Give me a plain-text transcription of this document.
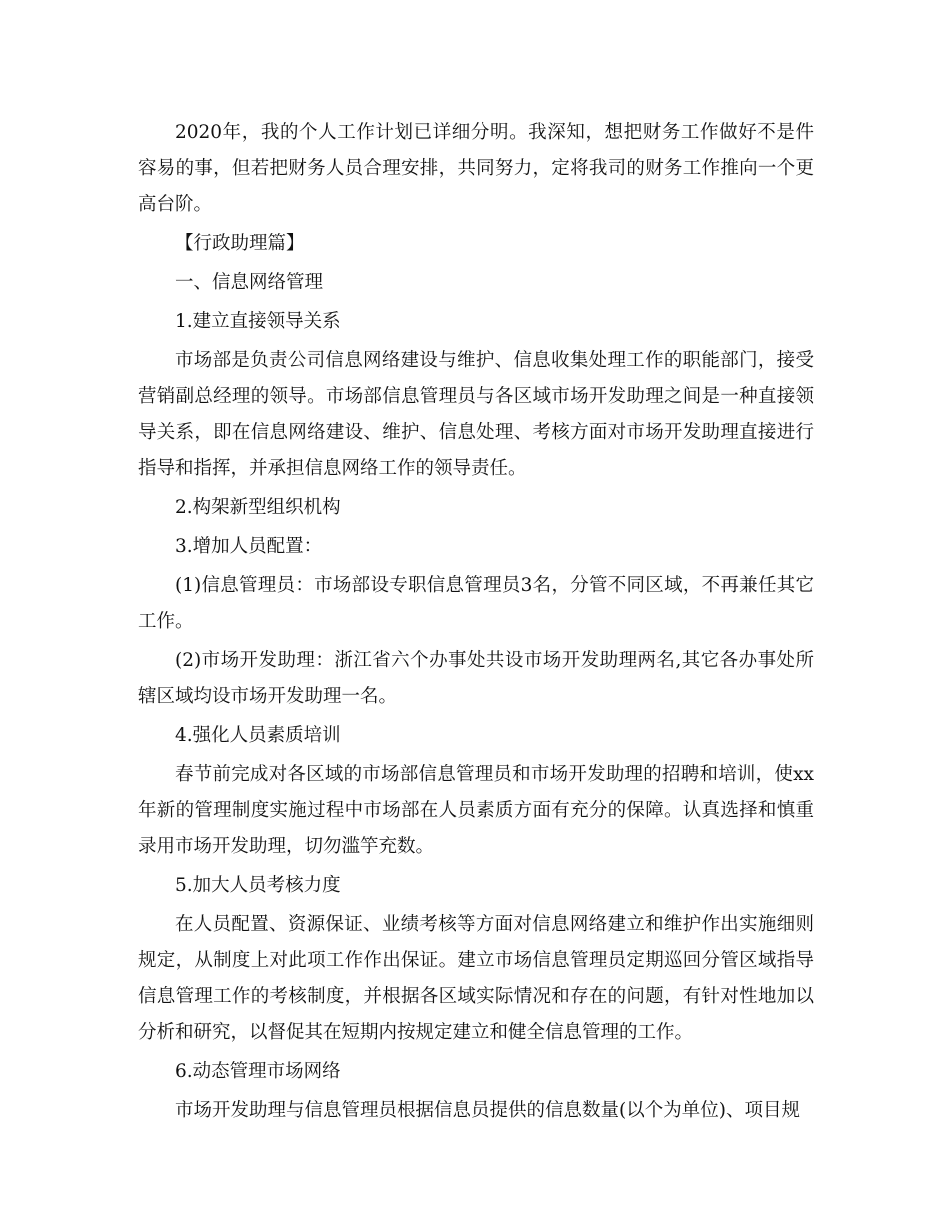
2020年，我的个人工作计划已详细分明。我深知，想把财务工作做好不是件容易的事，但若把财务人员合理安排，共同努力，定将我司的财务工作推向一个更高台阶。

【行政助理篇】

一、信息网络管理

1.建立直接领导关系

市场部是负责公司信息网络建设与维护、信息收集处理工作的职能部门，接受营销副总经理的领导。市场部信息管理员与各区域市场开发助理之间是一种直接领导关系，即在信息网络建设、维护、信息处理、考核方面对市场开发助理直接进行指导和指挥，并承担信息网络工作的领导责任。

2.构架新型组织机构

3.增加人员配置：

(1)信息管理员：市场部设专职信息管理员3名，分管不同区域，不再兼任其它工作。

(2)市场开发助理：浙江省六个办事处共设市场开发助理两名,其它各办事处所辖区域均设市场开发助理一名。

4.强化人员素质培训

春节前完成对各区域的市场部信息管理员和市场开发助理的招聘和培训，使xx年新的管理制度实施过程中市场部在人员素质方面有充分的保障。认真选择和慎重录用市场开发助理，切勿滥竽充数。

5.加大人员考核力度

在人员配置、资源保证、业绩考核等方面对信息网络建立和维护作出实施细则规定，从制度上对此项工作作出保证。建立市场信息管理员定期巡回分管区域指导信息管理工作的考核制度，并根据各区域实际情况和存在的问题，有针对性地加以分析和研究，以督促其在短期内按规定建立和健全信息管理的工作。

6.动态管理市场网络

市场开发助理与信息管理员根据信息员提供的信息数量(以个为单位)、项目规
